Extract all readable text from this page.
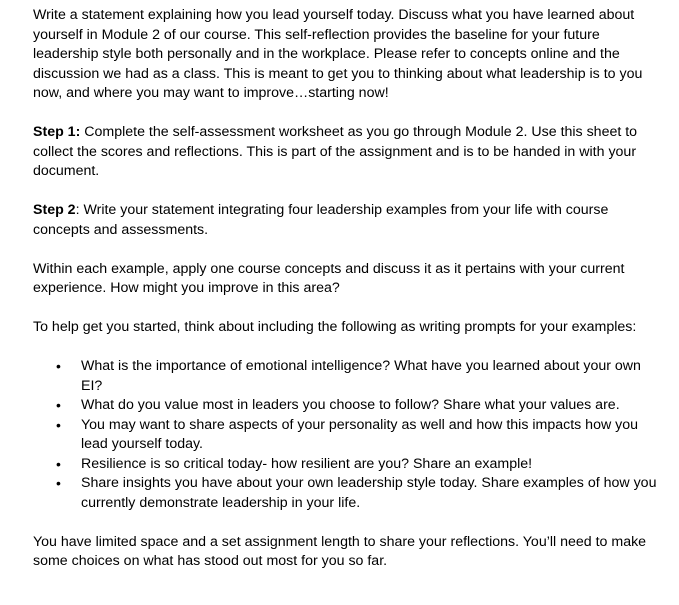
Write a statement explaining how you lead yourself today. Discuss what you have learned about yourself in Module 2 of our course. This self-reflection provides the baseline for your future leadership style both personally and in the workplace. Please refer to concepts online and the discussion we had as a class. This is meant to get you to thinking about what leadership is to you now, and where you may want to improve…starting now!

Step 1: Complete the self-assessment worksheet as you go through Module 2. Use this sheet to collect the scores and reflections. This is part of the assignment and is to be handed in with your document.

Step 2: Write your statement integrating four leadership examples from your life with course concepts and assessments.

Within each example, apply one course concepts and discuss it as it pertains with your current experience. How might you improve in this area?

To help get you started, think about including the following as writing prompts for your examples:

• What is the importance of emotional intelligence? What have you learned about your own EI?
• What do you value most in leaders you choose to follow? Share what your values are.
• You may want to share aspects of your personality as well and how this impacts how you lead yourself today.
• Resilience is so critical today- how resilient are you? Share an example!
• Share insights you have about your own leadership style today. Share examples of how you currently demonstrate leadership in your life.

You have limited space and a set assignment length to share your reflections. You’ll need to make some choices on what has stood out most for you so far.
